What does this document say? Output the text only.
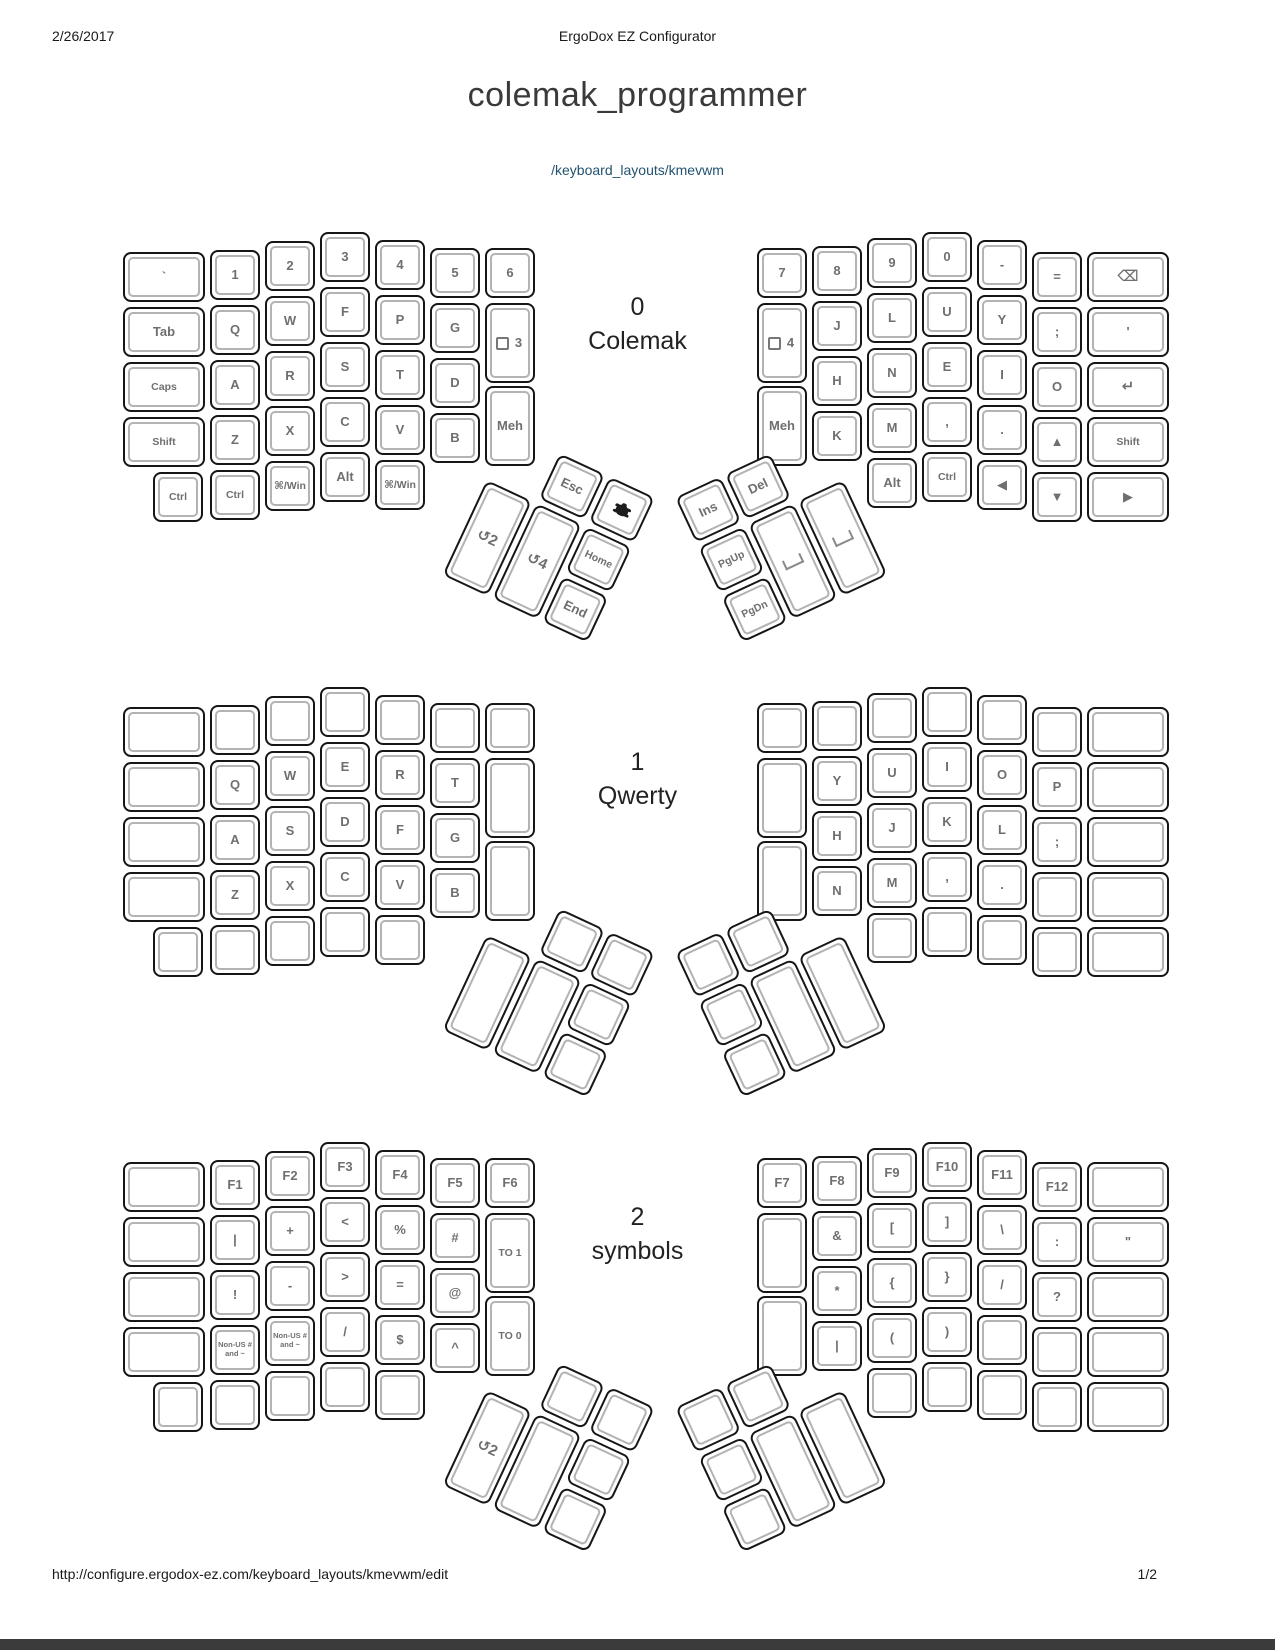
2/26/2017	ErgoDox EZ Configurator
colemak_programmer
/keyboard_layouts/kmevwm
`	1
2
3
4
5	6
Tab	Q
W
F
P
G
3
Caps	A
R
S
T
D
Shift	Z
X
C
V
B
Meh
Ctrl	Ctrl
⌘/Win
Alt
⌘/Win
7	8
9	0
-
=	⌫
4
J
L	U
Y
;	'
H
N	E
I
O	↵
Meh
K
M	,
.
▲	Shift
Alt	Ctrl	◀
▼	▶
Esc
↺2
↺4	Home
End
Ins
Del
PgUp
PgDn
0
Colemak
Q
W
E
R
T
A
S
D
F
G
Z
X
C
V
B
Y
U	I
O
P
H
J	K
L
;
N
M	,
.
1
Qwerty
F1
F2
F3
F4
F5	F6
|
+
<
%
#
TO 1
!
-
>
=
@
Non-US # and ~
Non-US # and ~
/
$
^
TO 0
F7	F8
F9	F10
F11
F12
&
[	]
\
:	"
*
{	}
/
?
|
(	)
↺2
2
symbols
http://configure.ergodox-ez.com/keyboard_layouts/kmevwm/edit	1/2
